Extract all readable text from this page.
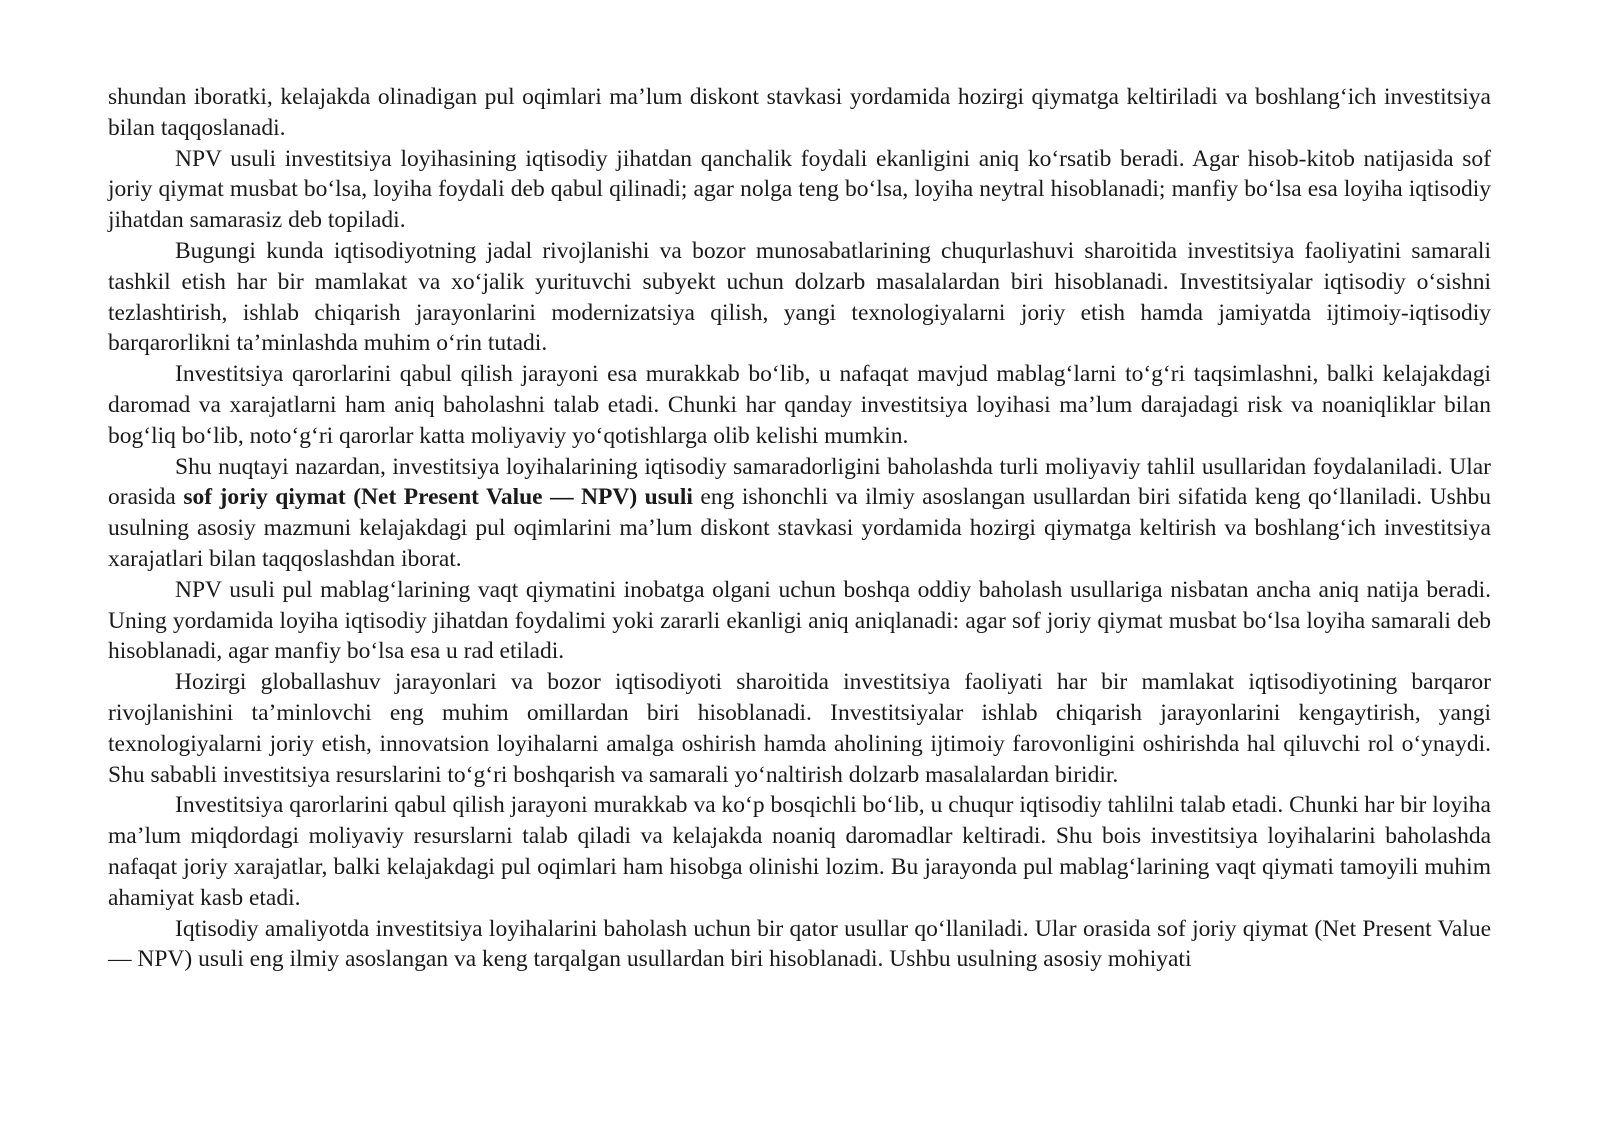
shundan iboratki, kelajakda olinadigan pul oqimlari ma’lum diskont stavkasi yordamida hozirgi qiymatga keltiriladi va boshlang‘ich investitsiya bilan taqqoslanadi.

NPV usuli investitsiya loyihasining iqtisodiy jihatdan qanchalik foydali ekanligini aniq ko‘rsatib beradi. Agar hisob-kitob natijasida sof joriy qiymat musbat bo‘lsa, loyiha foydali deb qabul qilinadi; agar nolga teng bo‘lsa, loyiha neytral hisoblanadi; manfiy bo‘lsa esa loyiha iqtisodiy jihatdan samarasiz deb topiladi.

Bugungi kunda iqtisodiyotning jadal rivojlanishi va bozor munosabatlarining chuqurlashuvi sharoitida investitsiya faoliyatini samarali tashkil etish har bir mamlakat va xo‘jalik yurituvchi subyekt uchun dolzarb masalalardan biri hisoblanadi. Investitsiyalar iqtisodiy o‘sishni tezlashtirish, ishlab chiqarish jarayonlarini modernizatsiya qilish, yangi texnologiyalarni joriy etish hamda jamiyatda ijtimoiy-iqtisodiy barqarorlikni ta’minlashda muhim o‘rin tutadi.

Investitsiya qarorlarini qabul qilish jarayoni esa murakkab bo‘lib, u nafaqat mavjud mablag‘larni to‘g‘ri taqsimlashni, balki kelajakdagi daromad va xarajatlarni ham aniq baholashni talab etadi. Chunki har qanday investitsiya loyihasi ma’lum darajadagi risk va noaniqliklar bilan bog‘liq bo‘lib, noto‘g‘ri qarorlar katta moliyaviy yo‘qotishlarga olib kelishi mumkin.

Shu nuqtayi nazardan, investitsiya loyihalarining iqtisodiy samaradorligini baholashda turli moliyaviy tahlil usullaridan foydalaniladi. Ular orasida sof joriy qiymat (Net Present Value — NPV) usuli eng ishonchli va ilmiy asoslangan usullardan biri sifatida keng qo‘llaniladi. Ushbu usulning asosiy mazmuni kelajakdagi pul oqimlarini ma’lum diskont stavkasi yordamida hozirgi qiymatga keltirish va boshlang‘ich investitsiya xarajatlari bilan taqqoslashdan iborat.

NPV usuli pul mablag‘larining vaqt qiymatini inobatga olgani uchun boshqa oddiy baholash usullariga nisbatan ancha aniq natija beradi. Uning yordamida loyiha iqtisodiy jihatdan foydalimi yoki zararli ekanligi aniq aniqlanadi: agar sof joriy qiymat musbat bo‘lsa loyiha samarali deb hisoblanadi, agar manfiy bo‘lsa esa u rad etiladi.

Hozirgi globallashuv jarayonlari va bozor iqtisodiyoti sharoitida investitsiya faoliyati har bir mamlakat iqtisodiyotining barqaror rivojlanishini ta’minlovchi eng muhim omillardan biri hisoblanadi. Investitsiyalar ishlab chiqarish jarayonlarini kengaytirish, yangi texnologiyalarni joriy etish, innovatsion loyihalarni amalga oshirish hamda aholining ijtimoiy farovonligini oshirishda hal qiluvchi rol o‘ynaydi. Shu sababli investitsiya resurslarini to‘g‘ri boshqarish va samarali yo‘naltirish dolzarb masalalardan biridir.

Investitsiya qarorlarini qabul qilish jarayoni murakkab va ko‘p bosqichli bo‘lib, u chuqur iqtisodiy tahlilni talab etadi. Chunki har bir loyiha ma’lum miqdordagi moliyaviy resurslarni talab qiladi va kelajakda noaniq daromadlar keltiradi. Shu bois investitsiya loyihalarini baholashda nafaqat joriy xarajatlar, balki kelajakdagi pul oqimlari ham hisobga olinishi lozim. Bu jarayonda pul mablag‘larining vaqt qiymati tamoyili muhim ahamiyat kasb etadi.

Iqtisodiy amaliyotda investitsiya loyihalarini baholash uchun bir qator usullar qo‘llaniladi. Ular orasida sof joriy qiymat (Net Present Value — NPV) usuli eng ilmiy asoslangan va keng tarqalgan usullardan biri hisoblanadi. Ushbu usulning asosiy mohiyati
